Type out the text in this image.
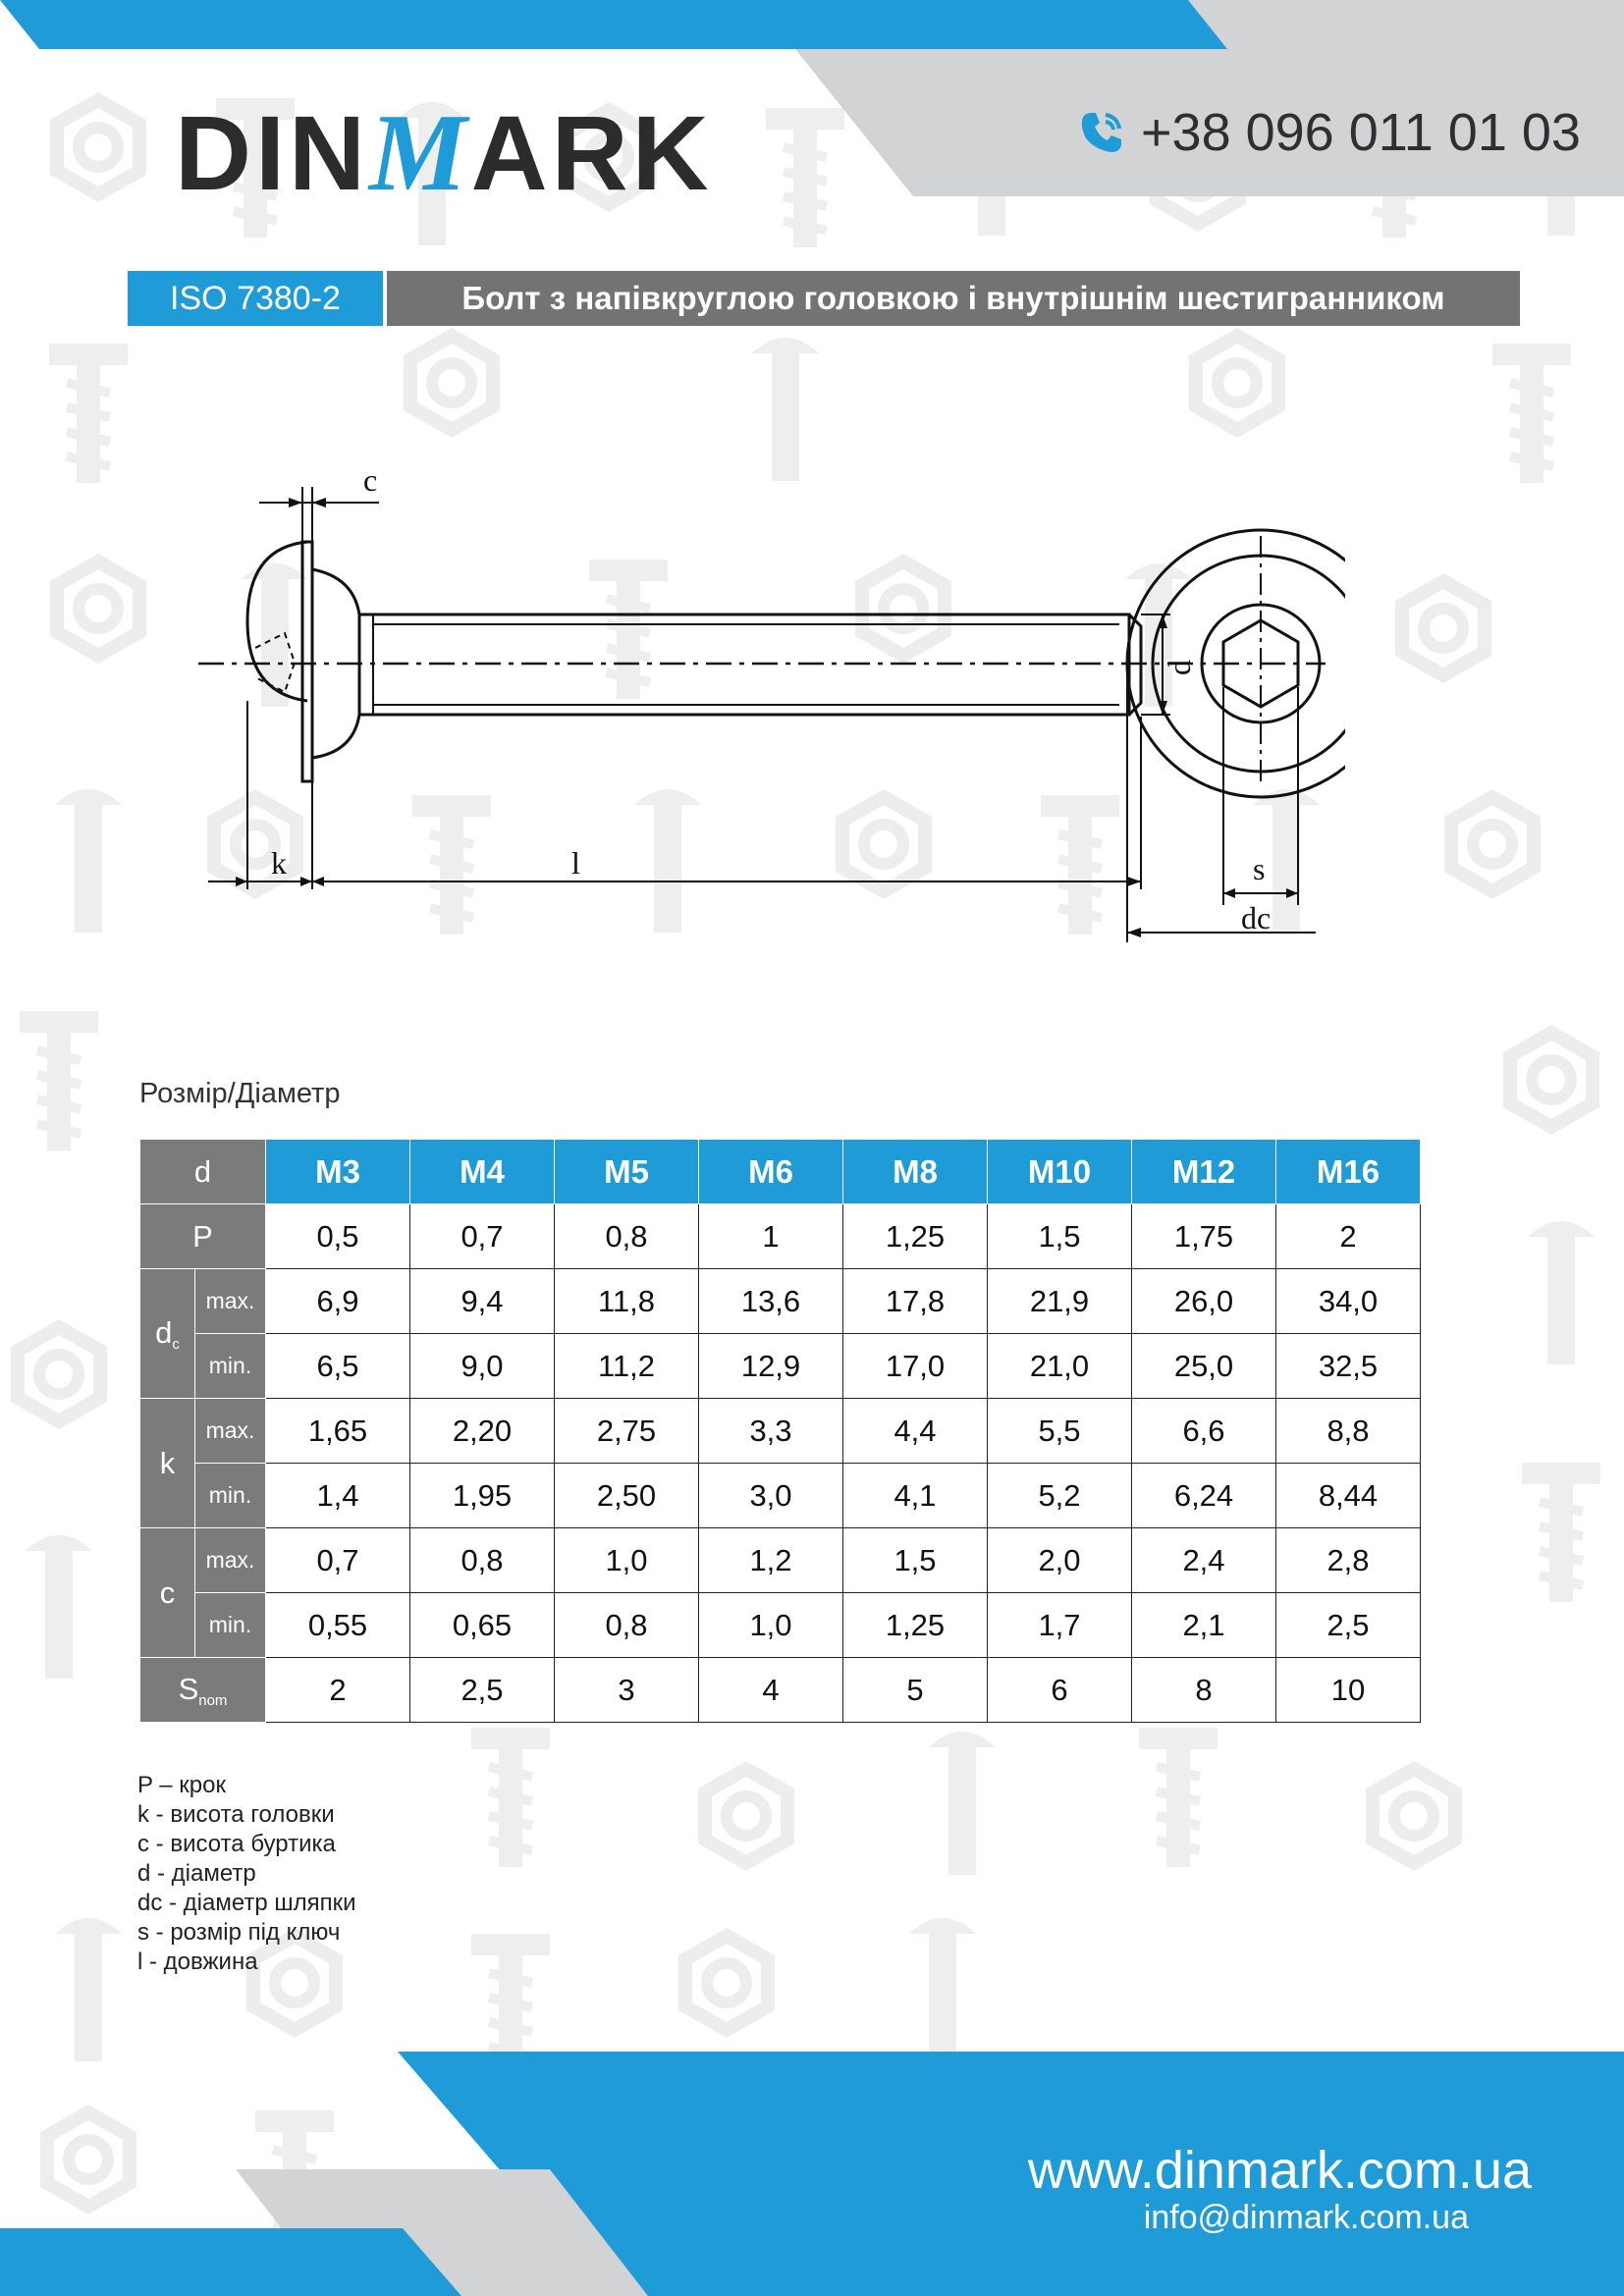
DINMARK	+38 096 011 01 03
ISO 7380-2	Болт з напівкруглою головкою і внутрішнім шестигранником
c
d
k	l	s
dc
Розмір/Діаметр
d		M3	M4	M5	M6	M8	M10	M12	M16
P		0,5	0,7	0,8	1	1,25	1,5	1,75	2
$d_c$	max.	6,9	9,4	11,8	13,6	17,8	21,9	26,0	34,0
	min.	6,5	9,0	11,2	12,9	17,0	21,0	25,0	32,5
k	max.	1,65	2,20	2,75	3,3	4,4	5,5	6,6	8,8
	min.	1,4	1,95	2,50	3,0	4,1	5,2	6,24	8,44
c	max.	0,7	0,8	1,0	1,2	1,5	2,0	2,4	2,8
	min.	0,55	0,65	0,8	1,0	1,25	1,7	2,1	2,5
$S_{nom}$		2	2,5	3	4	5	6	8	10
P – крок
k - висота головки
c - висота буртика
d - діаметр
dc - діаметр шляпки
s - розмір під ключ
l - довжина
www.dinmark.com.ua
info@dinmark.com.ua
